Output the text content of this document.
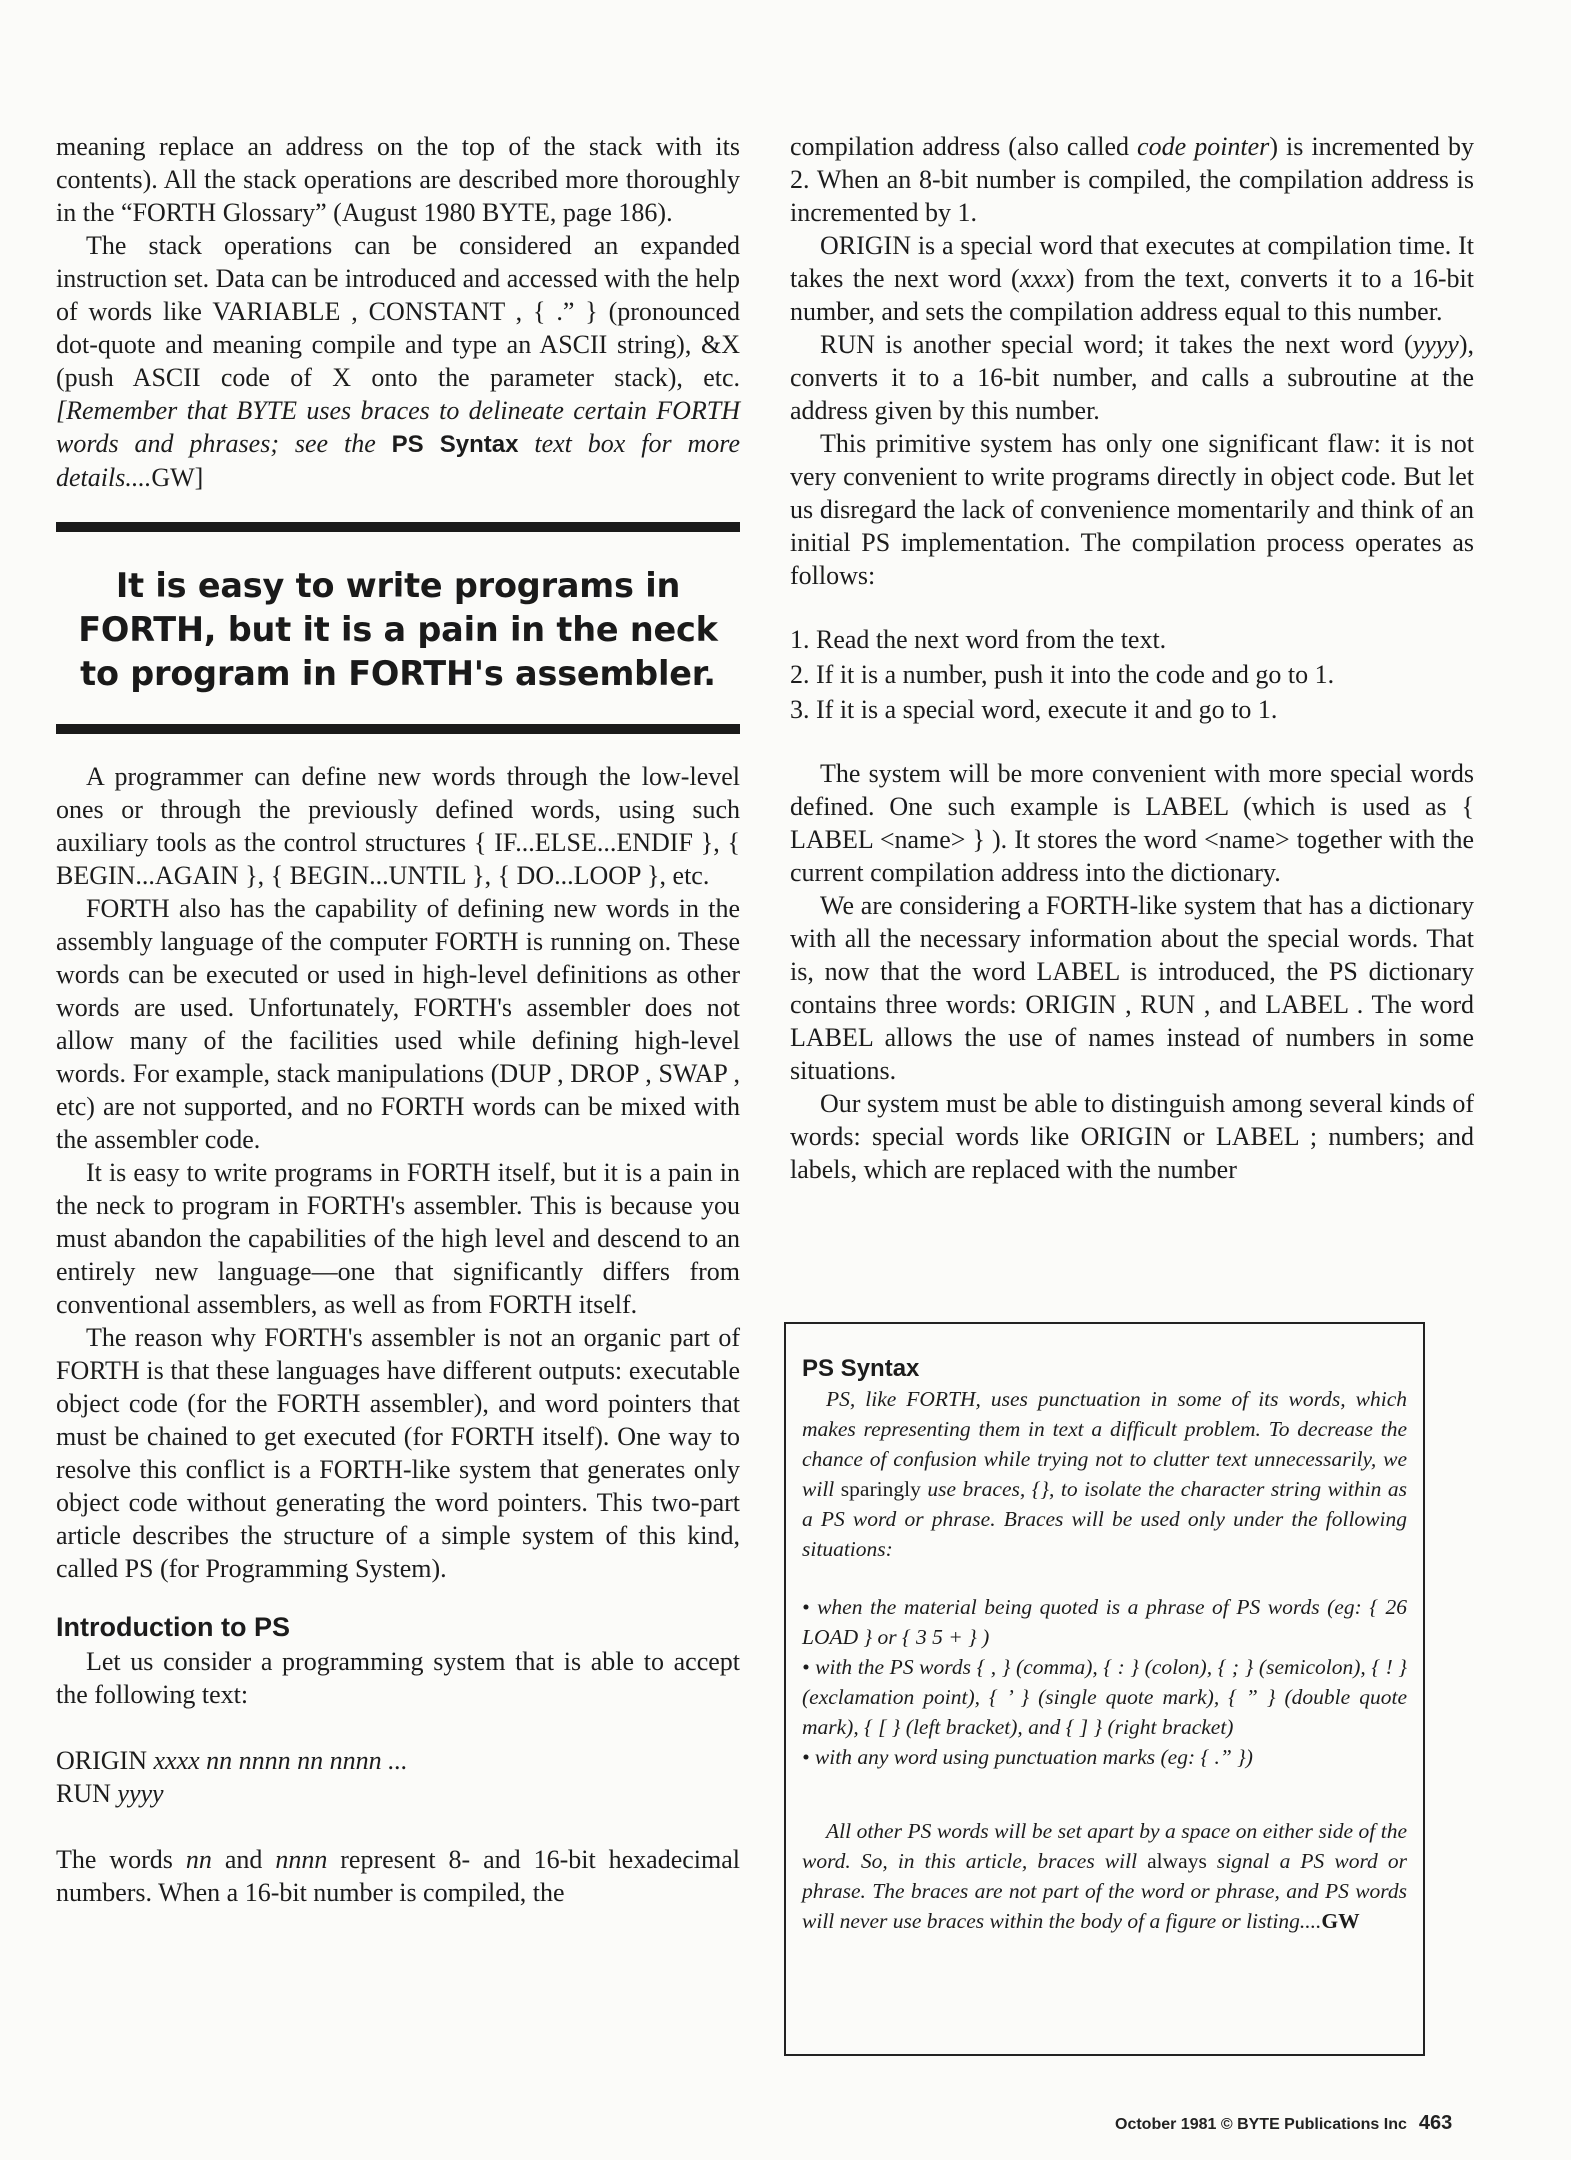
meaning replace an address on the top of the stack with its contents). All the stack operations are described more thoroughly in the “FORTH Glossary” (August 1980 BYTE, page 186).

The stack operations can be considered an expanded instruction set. Data can be introduced and accessed with the help of words like VARIABLE , CONSTANT , { .” } (pronounced dot-quote and meaning compile and type an ASCII string), &X (push ASCII code of X onto the parameter stack), etc. [Remember that BYTE uses braces to delineate certain FORTH words and phrases; see the PS Syntax text box for more details....GW]

It is easy to write programs in FORTH, but it is a pain in the neck to program in FORTH's assembler.

A programmer can define new words through the low-level ones or through the previously defined words, using such auxiliary tools as the control structures { IF...ELSE...ENDIF }, { BEGIN...AGAIN }, { BEGIN...UNTIL }, { DO...LOOP }, etc.

FORTH also has the capability of defining new words in the assembly language of the computer FORTH is running on. These words can be executed or used in high-level definitions as other words are used. Unfortunately, FORTH's assembler does not allow many of the facilities used while defining high-level words. For example, stack manipulations (DUP , DROP , SWAP , etc) are not supported, and no FORTH words can be mixed with the assembler code.

It is easy to write programs in FORTH itself, but it is a pain in the neck to program in FORTH's assembler. This is because you must abandon the capabilities of the high level and descend to an entirely new language—one that significantly differs from conventional assemblers, as well as from FORTH itself.

The reason why FORTH's assembler is not an organic part of FORTH is that these languages have different outputs: executable object code (for the FORTH assembler), and word pointers that must be chained to get executed (for FORTH itself). One way to resolve this conflict is a FORTH-like system that generates only object code without generating the word pointers. This two-part article describes the structure of a simple system of this kind, called PS (for Programming System).

Introduction to PS

Let us consider a programming system that is able to accept the following text:

ORIGIN xxxx nn nnnn nn nnnn ...

RUN yyyy

The words nn and nnnn represent 8- and 16-bit hexadecimal numbers. When a 16-bit number is compiled, the

compilation address (also called code pointer) is incremented by 2. When an 8-bit number is compiled, the compilation address is incremented by 1.

ORIGIN is a special word that executes at compilation time. It takes the next word (xxxx) from the text, converts it to a 16-bit number, and sets the compilation address equal to this number.

RUN is another special word; it takes the next word (yyyy), converts it to a 16-bit number, and calls a subroutine at the address given by this number.

This primitive system has only one significant flaw: it is not very convenient to write programs directly in object code. But let us disregard the lack of convenience momentarily and think of an initial PS implementation. The compilation process operates as follows:

1. Read the next word from the text.
2. If it is a number, push it into the code and go to 1.
3. If it is a special word, execute it and go to 1.

The system will be more convenient with more special words defined. One such example is LABEL (which is used as { LABEL <name> } ). It stores the word <name> together with the current compilation address into the dictionary.

We are considering a FORTH-like system that has a dictionary with all the necessary information about the special words. That is, now that the word LABEL is introduced, the PS dictionary contains three words: ORIGIN , RUN , and LABEL . The word LABEL allows the use of names instead of numbers in some situations.

Our system must be able to distinguish among several kinds of words: special words like ORIGIN or LABEL ; numbers; and labels, which are replaced with the number

PS Syntax

PS, like FORTH, uses punctuation in some of its words, which makes representing them in text a difficult problem. To decrease the chance of confusion while trying not to clutter text unnecessarily, we will sparingly use braces, {}, to isolate the character string within as a PS word or phrase. Braces will be used only under the following situations:

• when the material being quoted is a phrase of PS words (eg: { 26 LOAD } or { 3 5 + } )

• with the PS words { , } (comma), { : } (colon), { ; } (semicolon), { ! } (exclamation point), { ’ } (single quote mark), { ” } (double quote mark), { [ } (left bracket), and { ] } (right bracket)

• with any word using punctuation marks (eg: { .” })

All other PS words will be set apart by a space on either side of the word. So, in this article, braces will always signal a PS word or phrase. The braces are not part of the word or phrase, and PS words will never use braces within the body of a figure or listing....GW

October 1981 © BYTE Publications Inc 463
